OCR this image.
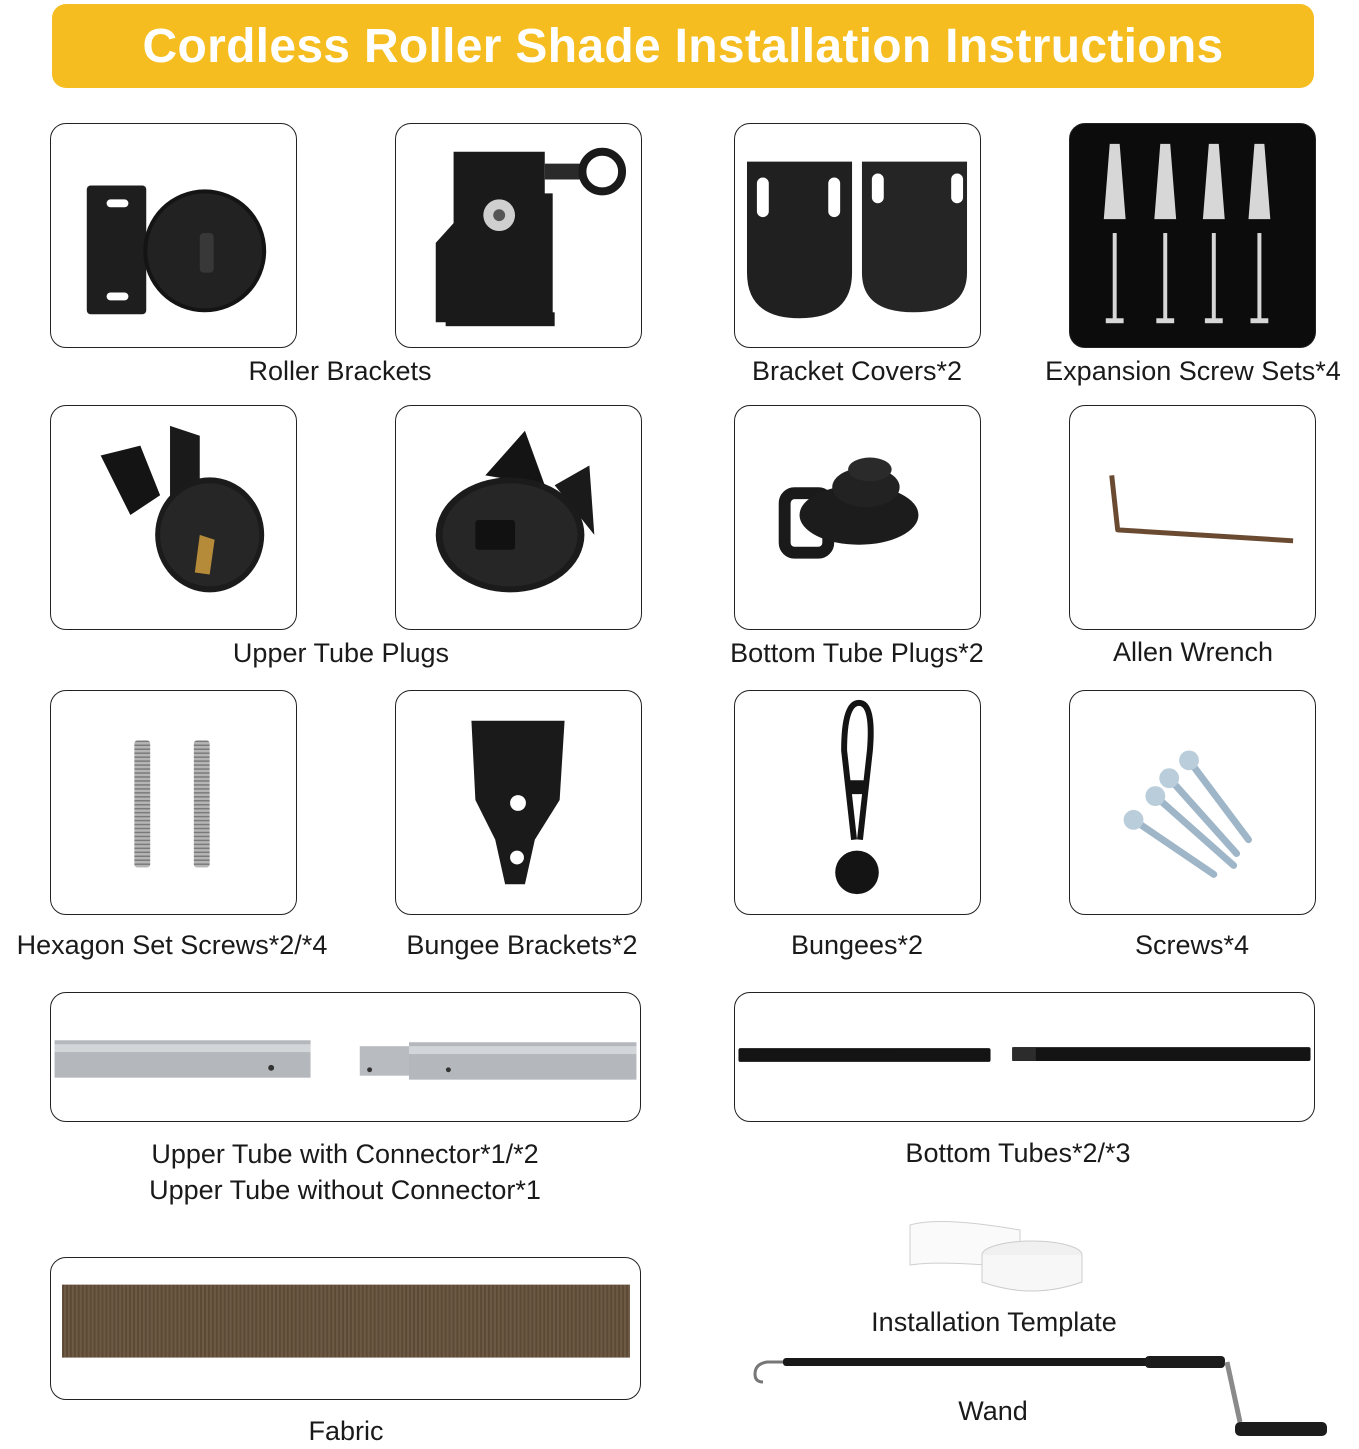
Cordless Roller Shade Installation Instructions
Roller Brackets	Bracket Covers*2	Expansion Screw Sets*4
Upper Tube Plugs	Bottom Tube Plugs*2	Allen Wrench
Hexagon Set Screws*2/*4	Bungee Brackets*2	Bungees*2	Screws*4
Upper Tube with Connector*1/*2
Upper Tube without Connector*1
Bottom Tubes*2/*3
Fabric
Installation Template
Wand
